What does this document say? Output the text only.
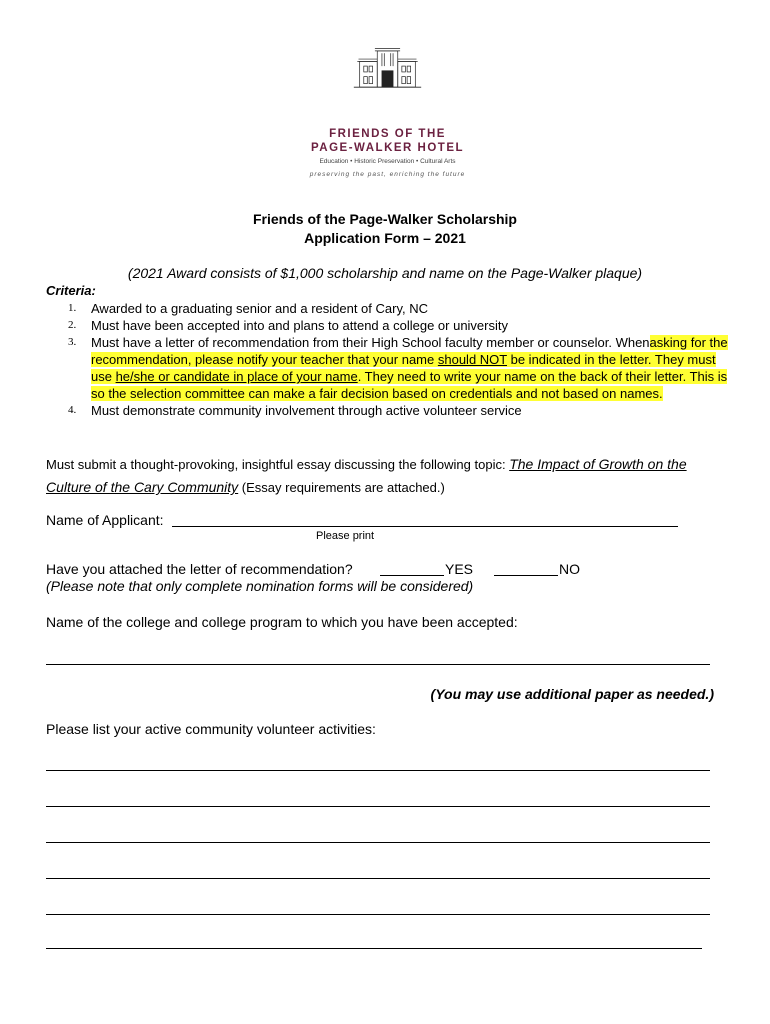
FRIENDS OF THE
PAGE-WALKER HOTEL
Education • Historic Preservation • Cultural Arts
preserving the past, enriching the future
Friends of the Page-Walker Scholarship
Application Form – 2021
(2021 Award consists of $1,000 scholarship and name on the Page-Walker plaque)
Criteria:
1. Awarded to a graduating senior and a resident of Cary, NC
2. Must have been accepted into and plans to attend a college or university
3. Must have a letter of recommendation from their High School faculty member or counselor. Whenasking for the recommendation, please notify your teacher that your name should NOT be indicated in the letter. They must use he/she or candidate in place of your name. They need to write your name on the back of their letter. This is so the selection committee can make a fair decision based on credentials and not based on names.
4. Must demonstrate community involvement through active volunteer service
Must submit a thought-provoking, insightful essay discussing the following topic: The Impact of Growth on the Culture of the Cary Community (Essay requirements are attached.)
Name of Applicant:
Please print
Have you attached the letter of recommendation?	YES	NO
(Please note that only complete nomination forms will be considered)
Name of the college and college program to which you have been accepted:
(You may use additional paper as needed.)
Please list your active community volunteer activities:
